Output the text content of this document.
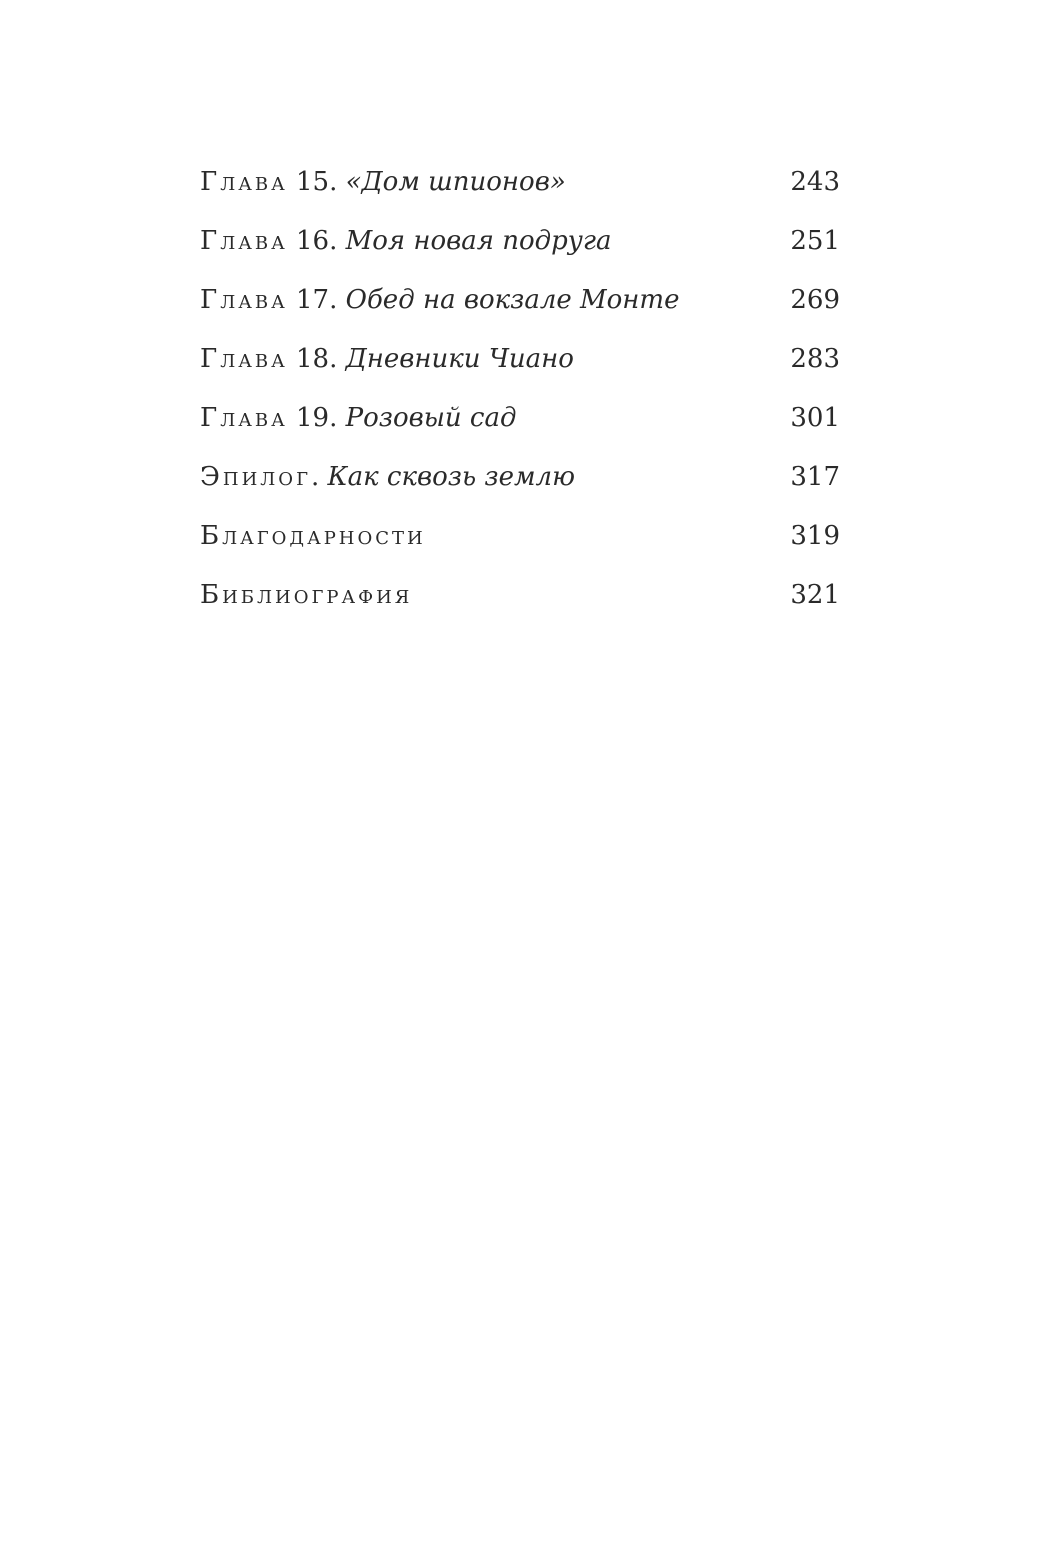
Глава 15. «Дом шпионов»	243
Глава 16. Моя новая подруга	251
Глава 17. Обед на вокзале Монте	269
Глава 18. Дневники Чиано	283
Глава 19. Розовый сад	301
Эпилог. Как сквозь землю	317
Благодарности	319
Библиография	321
